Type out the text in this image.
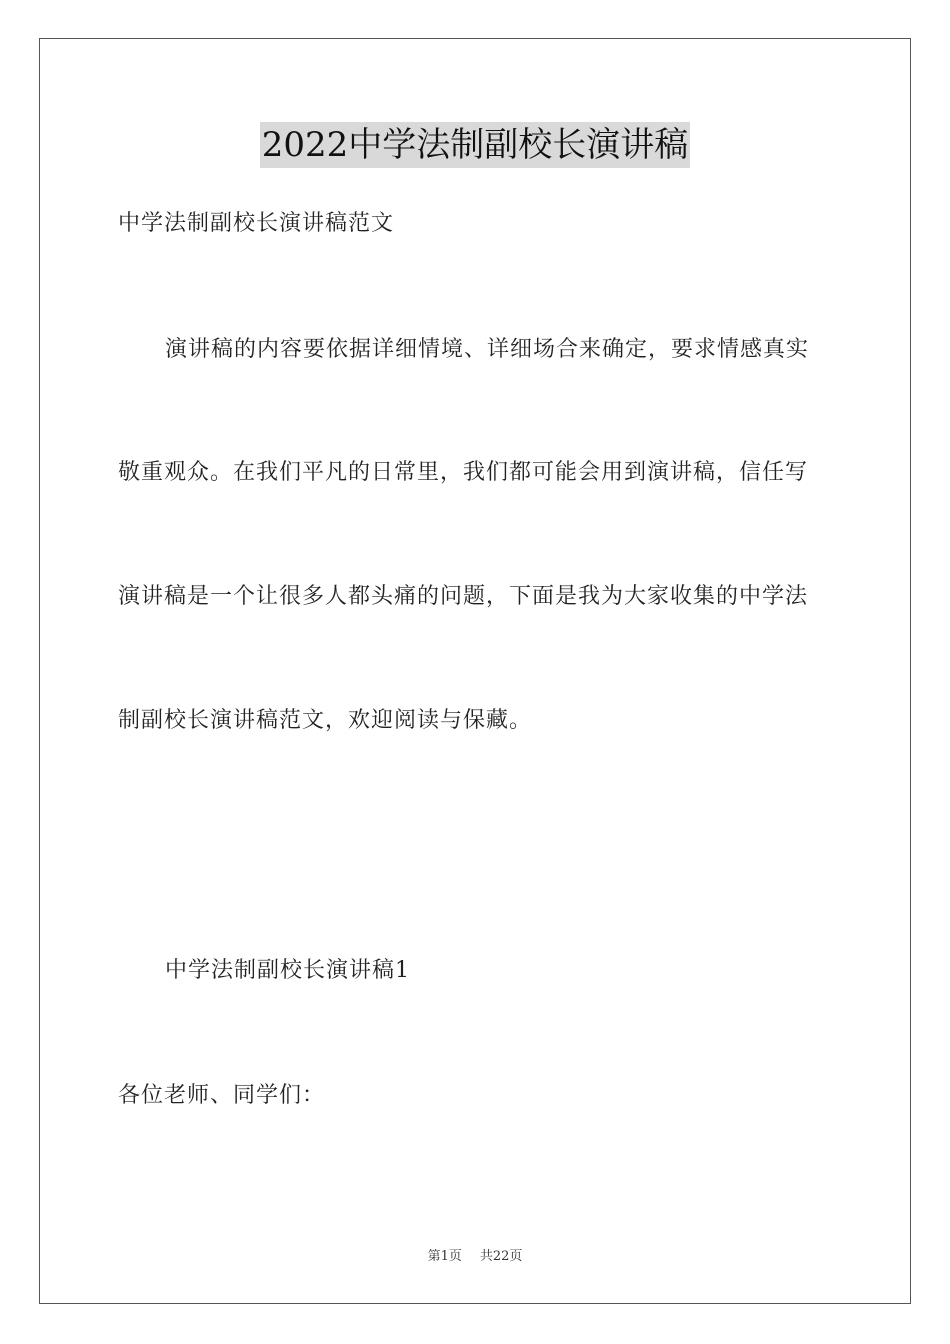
2022中学法制副校长演讲稿
中学法制副校长演讲稿范文
演讲稿的内容要依据详细情境、详细场合来确定，要求情感真实
敬重观众。在我们平凡的日常里，我们都可能会用到演讲稿，信任写
演讲稿是一个让很多人都头痛的问题，下面是我为大家收集的中学法
制副校长演讲稿范文，欢迎阅读与保藏。
中学法制副校长演讲稿1
各位老师、同学们：
第1页 共22页
